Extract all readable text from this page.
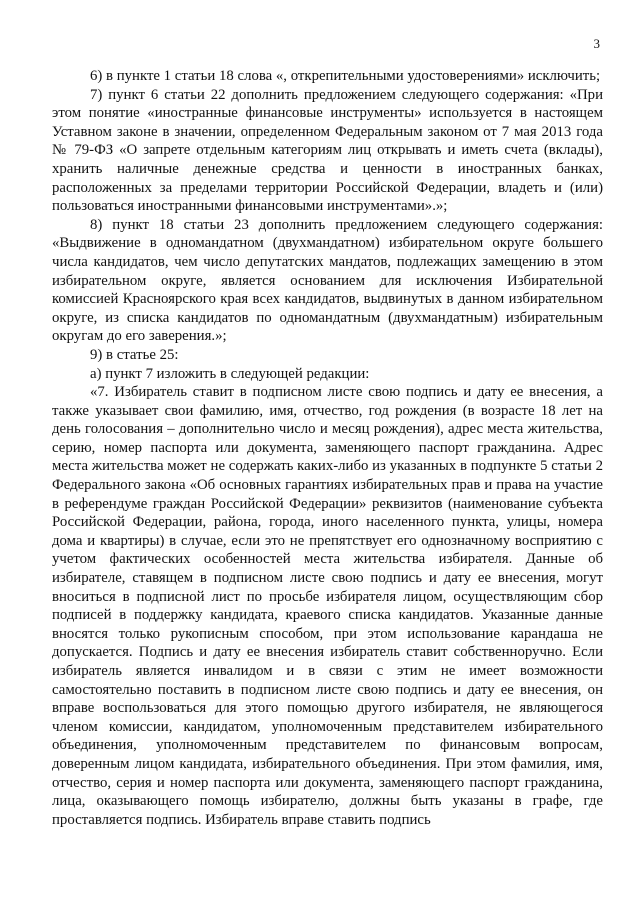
3

6) в пункте 1 статьи 18 слова «, открепительными удостоверениями» исключить;

7) пункт 6 статьи 22 дополнить предложением следующего содержания: «При этом понятие «иностранные финансовые инструменты» используется в настоящем Уставном законе в значении, определенном Федеральным законом от 7 мая 2013 года № 79-ФЗ «О запрете отдельным категориям лиц открывать и иметь счета (вклады), хранить наличные денежные средства и ценности в иностранных банках, расположенных за пределами территории Российской Федерации, владеть и (или) пользоваться иностранными финансовыми инструментами».»;

8) пункт 18 статьи 23 дополнить предложением следующего содержания: «Выдвижение в одномандатном (двухмандатном) избирательном округе большего числа кандидатов, чем число депутатских мандатов, подлежащих замещению в этом избирательном округе, является основанием для исключения Избирательной комиссией Красноярского края всех кандидатов, выдвинутых в данном избирательном округе, из списка кандидатов по одномандатным (двухмандатным) избирательным округам до его заверения.»;

9) в статье 25:

а) пункт 7 изложить в следующей редакции:

«7. Избиратель ставит в подписном листе свою подпись и дату ее внесения, а также указывает свои фамилию, имя, отчество, год рождения (в возрасте 18 лет на день голосования – дополнительно число и месяц рождения), адрес места жительства, серию, номер паспорта или документа, заменяющего паспорт гражданина. Адрес места жительства может не содержать каких-либо из указанных в подпункте 5 статьи 2 Федерального закона «Об основных гарантиях избирательных прав и права на участие в референдуме граждан Российской Федерации» реквизитов (наименование субъекта Российской Федерации, района, города, иного населенного пункта, улицы, номера дома и квартиры) в случае, если это не препятствует его однозначному восприятию с учетом фактических особенностей места жительства избирателя. Данные об избирателе, ставящем в подписном листе свою подпись и дату ее внесения, могут вноситься в подписной лист по просьбе избирателя лицом, осуществляющим сбор подписей в поддержку кандидата, краевого списка кандидатов. Указанные данные вносятся только рукописным способом, при этом использование карандаша не допускается. Подпись и дату ее внесения избиратель ставит собственноручно. Если избиратель является инвалидом и в связи с этим не имеет возможности самостоятельно поставить в подписном листе свою подпись и дату ее внесения, он вправе воспользоваться для этого помощью другого избирателя, не являющегося членом комиссии, кандидатом, уполномоченным представителем избирательного объединения, уполномоченным представителем по финансовым вопросам, доверенным лицом кандидата, избирательного объединения. При этом фамилия, имя, отчество, серия и номер паспорта или документа, заменяющего паспорт гражданина, лица, оказывающего помощь избирателю, должны быть указаны в графе, где проставляется подпись. Избиратель вправе ставить подпись
